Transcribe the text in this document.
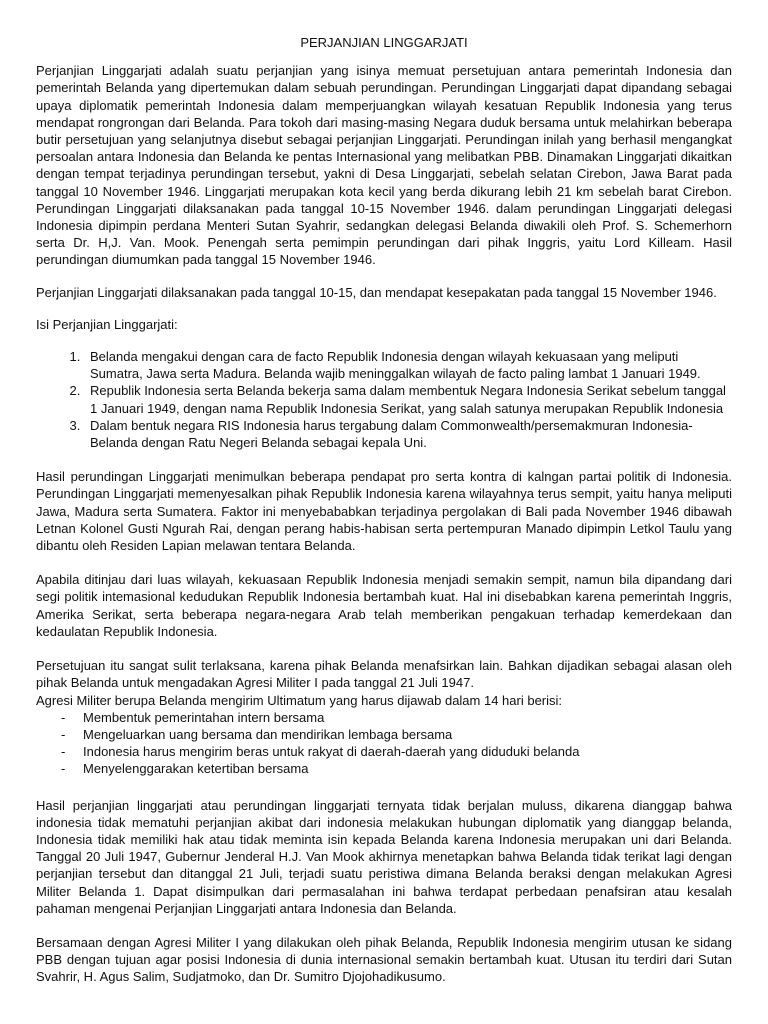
PERJANJIAN LINGGARJATI

Perjanjian Linggarjati adalah suatu perjanjian yang isinya memuat persetujuan antara pemerintah Indonesia dan pemerintah Belanda yang dipertemukan dalam sebuah perundingan. Perundingan Linggarjati dapat dipandang sebagai upaya diplomatik pemerintah Indonesia dalam memperjuangkan wilayah kesatuan Republik Indonesia yang terus mendapat rongrongan dari Belanda. Para tokoh dari masing-masing Negara duduk bersama untuk melahirkan beberapa butir persetujuan yang selanjutnya disebut sebagai perjanjian Linggarjati. Perundingan inilah yang berhasil mengangkat persoalan antara Indonesia dan Belanda ke pentas Internasional yang melibatkan PBB. Dinamakan Linggarjati dikaitkan dengan tempat terjadinya perundingan tersebut, yakni di Desa Linggarjati, sebelah selatan Cirebon, Jawa Barat pada tanggal 10 November 1946. Linggarjati merupakan kota kecil yang berda dikurang lebih 21 km sebelah barat Cirebon. Perundingan Linggarjati dilaksanakan pada tanggal 10-15 November 1946. dalam perundingan Linggarjati delegasi Indonesia dipimpin perdana Menteri Sutan Syahrir, sedangkan delegasi Belanda diwakili oleh Prof. S. Schemerhorn serta Dr. H,J. Van. Mook. Penengah serta pemimpin perundingan dari pihak Inggris, yaitu Lord Killeam. Hasil perundingan diumumkan pada tanggal 15 November 1946.

Perjanjian Linggarjati dilaksanakan pada tanggal 10-15, dan mendapat kesepakatan pada tanggal 15 November 1946.

Isi Perjanjian Linggarjati:

1. Belanda mengakui dengan cara de facto Republik Indonesia dengan wilayah kekuasaan yang meliputi Sumatra, Jawa serta Madura. Belanda wajib meninggalkan wilayah de facto paling lambat 1 Januari 1949.
2. Republik Indonesia serta Belanda bekerja sama dalam membentuk Negara Indonesia Serikat sebelum tanggal 1 Januari 1949, dengan nama Republik Indonesia Serikat, yang salah satunya merupakan Republik Indonesia
3. Dalam bentuk negara RIS Indonesia harus tergabung dalam Commonwealth/persemakmuran Indonesia-Belanda dengan Ratu Negeri Belanda sebagai kepala Uni.

Hasil perundingan Linggarjati menimulkan beberapa pendapat pro serta kontra di kalngan partai politik di Indonesia. Perundingan Linggarjati memenyesalkan pihak Republik Indonesia karena wilayahnya terus sempit, yaitu hanya meliputi Jawa, Madura serta Sumatera. Faktor ini menyebababkan terjadinya pergolakan di Bali pada November 1946 dibawah Letnan Kolonel Gusti Ngurah Rai, dengan perang habis-habisan serta pertempuran Manado dipimpin Letkol Taulu yang dibantu oleh Residen Lapian melawan tentara Belanda.

Apabila ditinjau dari luas wilayah, kekuasaan Republik Indonesia menjadi semakin sempit, namun bila dipandang dari segi politik intemasional kedudukan Republik Indonesia bertambah kuat. Hal ini disebabkan karena pemerintah Inggris, Amerika Serikat, serta beberapa negara-negara Arab telah memberikan pengakuan terhadap kemerdekaan dan kedaulatan Republik Indonesia.

Persetujuan itu sangat sulit terlaksana, karena pihak Belanda menafsirkan lain. Bahkan dijadikan sebagai alasan oleh pihak Belanda untuk mengadakan Agresi Militer I pada tanggal 21 Juli 1947.

Agresi Militer berupa Belanda mengirim Ultimatum yang harus dijawab dalam 14 hari berisi:

- Membentuk pemerintahan intern bersama
- Mengeluarkan uang bersama dan mendirikan lembaga bersama
- Indonesia harus mengirim beras untuk rakyat di daerah-daerah yang diduduki belanda
- Menyelenggarakan ketertiban bersama

Hasil perjanjian linggarjati atau perundingan linggarjati ternyata tidak berjalan muluss, dikarena dianggap bahwa indonesia tidak mematuhi perjanjian akibat dari indonesia melakukan hubungan diplomatik yang dianggap belanda, Indonesia tidak memiliki hak atau tidak meminta isin kepada Belanda karena Indonesia merupakan uni dari Belanda. Tanggal 20 Juli 1947, Gubernur Jenderal H.J. Van Mook akhirnya menetapkan bahwa Belanda tidak terikat lagi dengan perjanjian tersebut dan ditanggal 21 Juli, terjadi suatu peristiwa dimana Belanda beraksi dengan melakukan Agresi Militer Belanda 1. Dapat disimpulkan dari permasalahan ini bahwa terdapat perbedaan penafsiran atau kesalah pahaman mengenai Perjanjian Linggarjati antara Indonesia dan Belanda.

Bersamaan dengan Agresi Militer I yang dilakukan oleh pihak Belanda, Republik Indonesia mengirim utusan ke sidang PBB dengan tujuan agar posisi Indonesia di dunia internasional semakin bertambah kuat. Utusan itu terdiri dari Sutan Svahrir, H. Agus Salim, Sudjatmoko, dan Dr. Sumitro Djojohadikusumo.
